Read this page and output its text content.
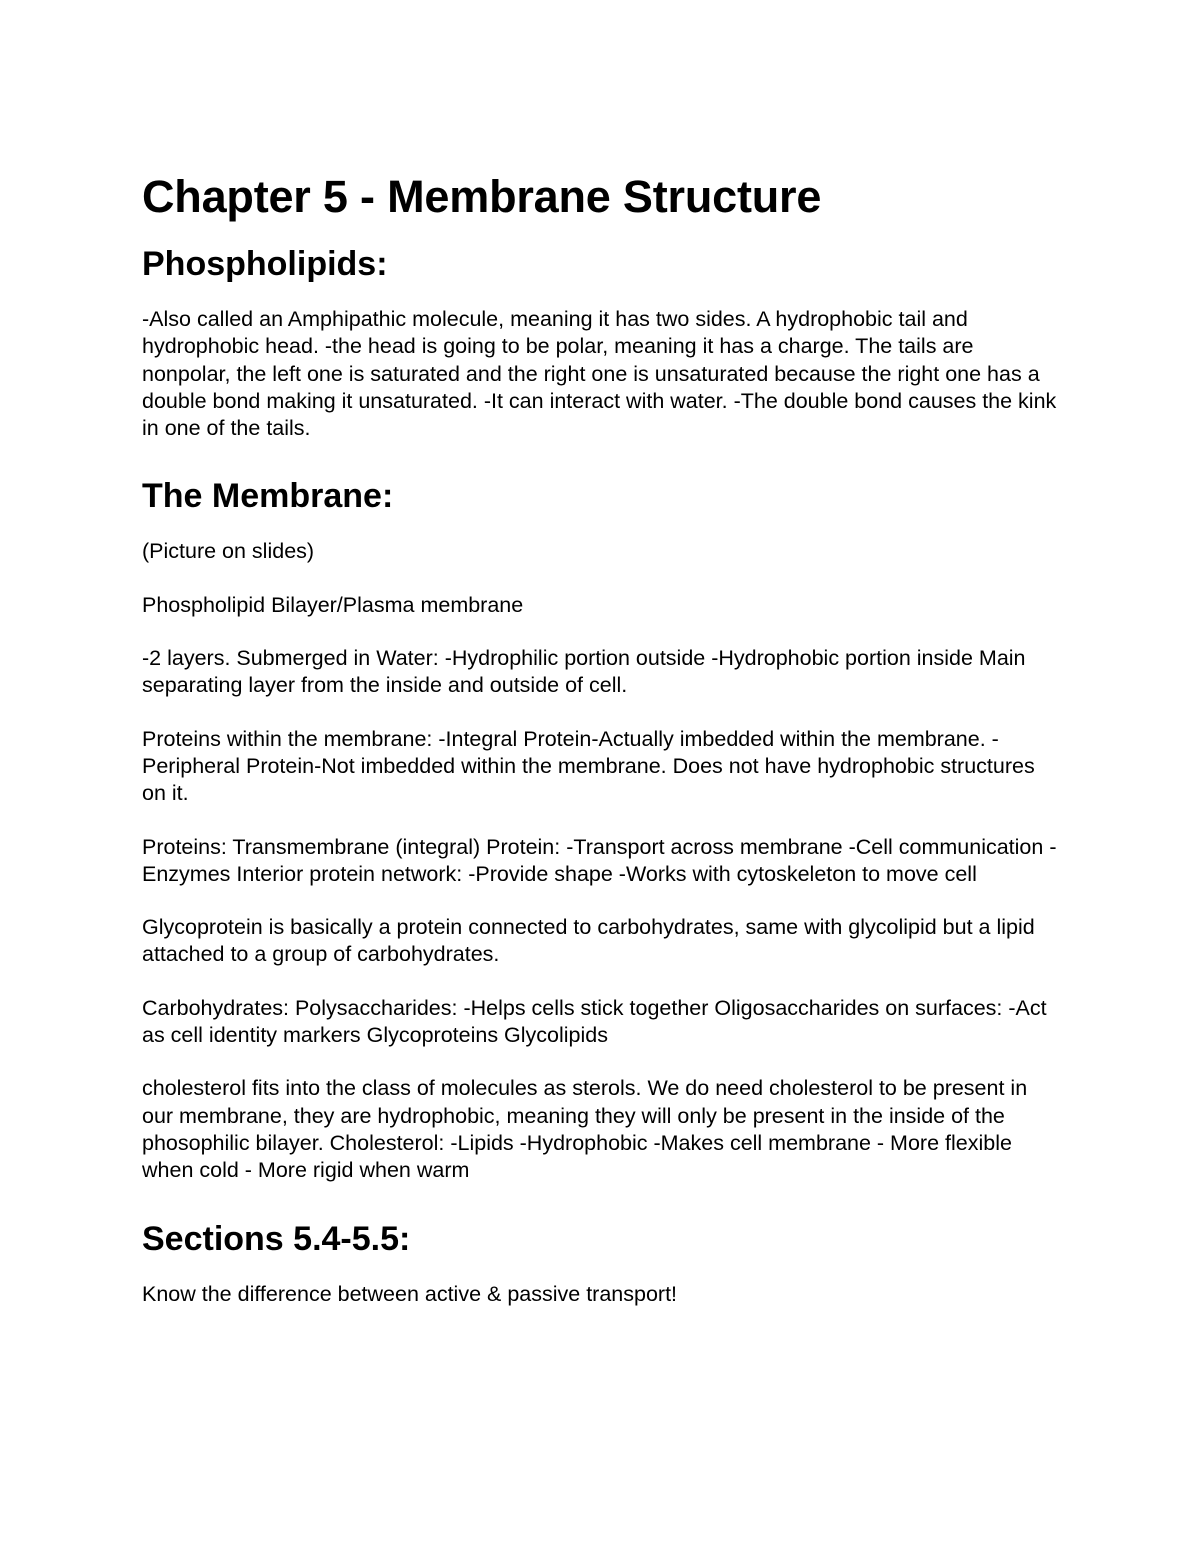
Chapter 5 - Membrane Structure
Phospholipids:

-Also called an Amphipathic molecule, meaning it has two sides. A hydrophobic tail and hydrophobic head. -the head is going to be polar, meaning it has a charge. The tails are nonpolar, the left one is saturated and the right one is unsaturated because the right one has a double bond making it unsaturated. -It can interact with water. -The double bond causes the kink in one of the tails.

The Membrane:

(Picture on slides)

Phospholipid Bilayer/Plasma membrane

-2 layers. Submerged in Water: -Hydrophilic portion outside -Hydrophobic portion inside Main separating layer from the inside and outside of cell.

Proteins within the membrane: -Integral Protein-Actually imbedded within the membrane. -Peripheral Protein-Not imbedded within the membrane. Does not have hydrophobic structures on it.

Proteins: Transmembrane (integral) Protein: -Transport across membrane -Cell communication -Enzymes Interior protein network: -Provide shape -Works with cytoskeleton to move cell

Glycoprotein is basically a protein connected to carbohydrates, same with glycolipid but a lipid attached to a group of carbohydrates.

Carbohydrates: Polysaccharides: -Helps cells stick together Oligosaccharides on surfaces: -Act as cell identity markers Glycoproteins Glycolipids

cholesterol fits into the class of molecules as sterols. We do need cholesterol to be present in our membrane, they are hydrophobic, meaning they will only be present in the inside of the phosophilic bilayer. Cholesterol: -Lipids -Hydrophobic -Makes cell membrane - More flexible when cold - More rigid when warm

Sections 5.4-5.5:

Know the difference between active & passive transport!
